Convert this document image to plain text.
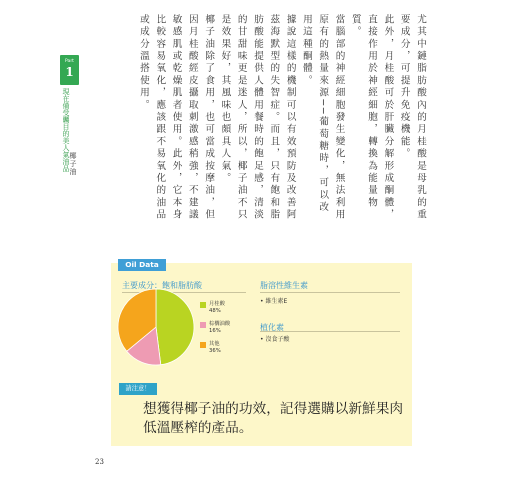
尤其中鏈脂肪酸內的月桂酸是母乳的重要成分，可提升免疫機能。

此外，月桂酸可於肝臟分解形成酮體，直接作用於神經細胞，轉換為能量物質。

當腦部的神經細胞發生變化，無法利用原有的熱量來源──葡萄糖時，可以改用這種酮體。

據說這樣的機制可以有效預防及改善阿茲海默型的失智症。而且，只有飽和脂肪酸能提供人體用餐時的飽足感，清淡的甘甜味更是迷人，所以，椰子油不只是效果好，其風味也頗具人氣。

椰子油除了食用，也可當成按摩油，但因月桂酸經皮攝取刺激感稍強，不建議敏感肌或乾燥肌者使用。此外，它本身比較容易氧化，應該跟不易氧化的油品或成分溫搭使用。

Part
1
現在備受矚目的美人氣油品 椰子油
主要成分：飽和脂肪酸
月桂酸
48%
棕櫚油酸
16%
其他
36%
脂溶性維生素
• 維生素E
植化素
• 沒食子酸
請注意！
想獲得椰子油的功效，記得選購以新鮮果肉低溫壓榨的產品。
Oil Data
23
